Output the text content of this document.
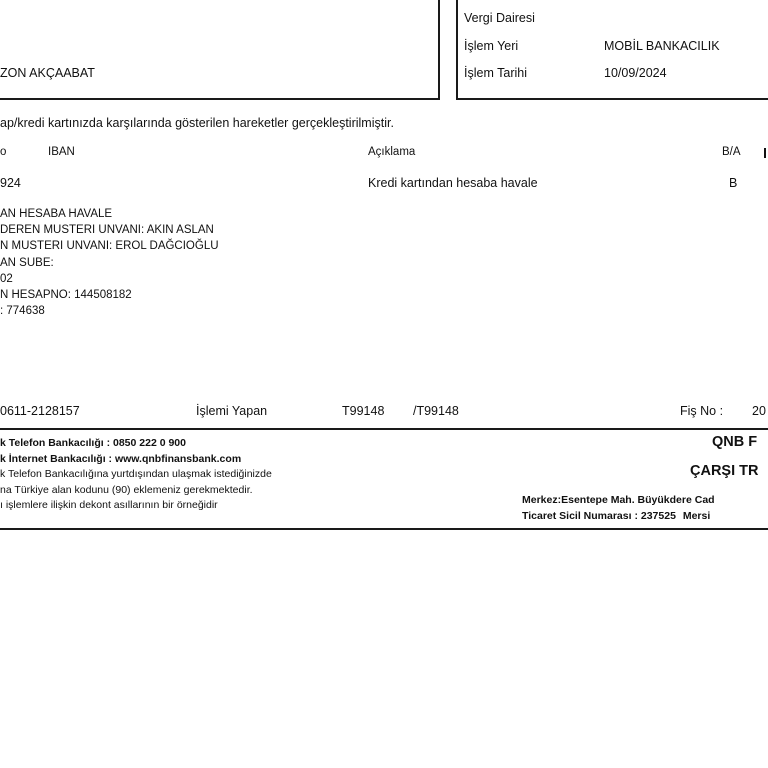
ZON AKÇAABAT
Vergi Dairesi
İşlem Yeri	MOBİL BANKACILIK
İşlem Tarihi	10/09/2024
ap/kredi kartınızda karşılarında gösterilen hareketler gerçekleştirilmiştir.
o	IBAN	Açıklama	B/A
924	Kredi kartından hesaba havale	B
AN HESABA HAVALE
DEREN MUSTERI UNVANI: AKIN ASLAN
N MUSTERI UNVANI: EROL DAĞCIOĞLU
AN SUBE:
02
N HESAPNO: 144508182
: 774638
0611-2128157	İşlemi Yapan	T99148 /T99148	Fiş No : 20
k Telefon Bankacılığı : 0850 222 0 900
k İnternet Bankacılığı : www.qnbfinansbank.com
k Telefon Bankacılığına yurtdışından ulaşmak istediğinizde
na Türkiye alan kodunu (90) eklemeniz gerekmektedir.
ı işlemlere ilişkin dekont asıllarının bir örneğidir
QNB F
ÇARŞI TR
Merkez:Esentepe Mah. Büyükdere Cad
Ticaret Sicil Numarası : 237525 Mersi
